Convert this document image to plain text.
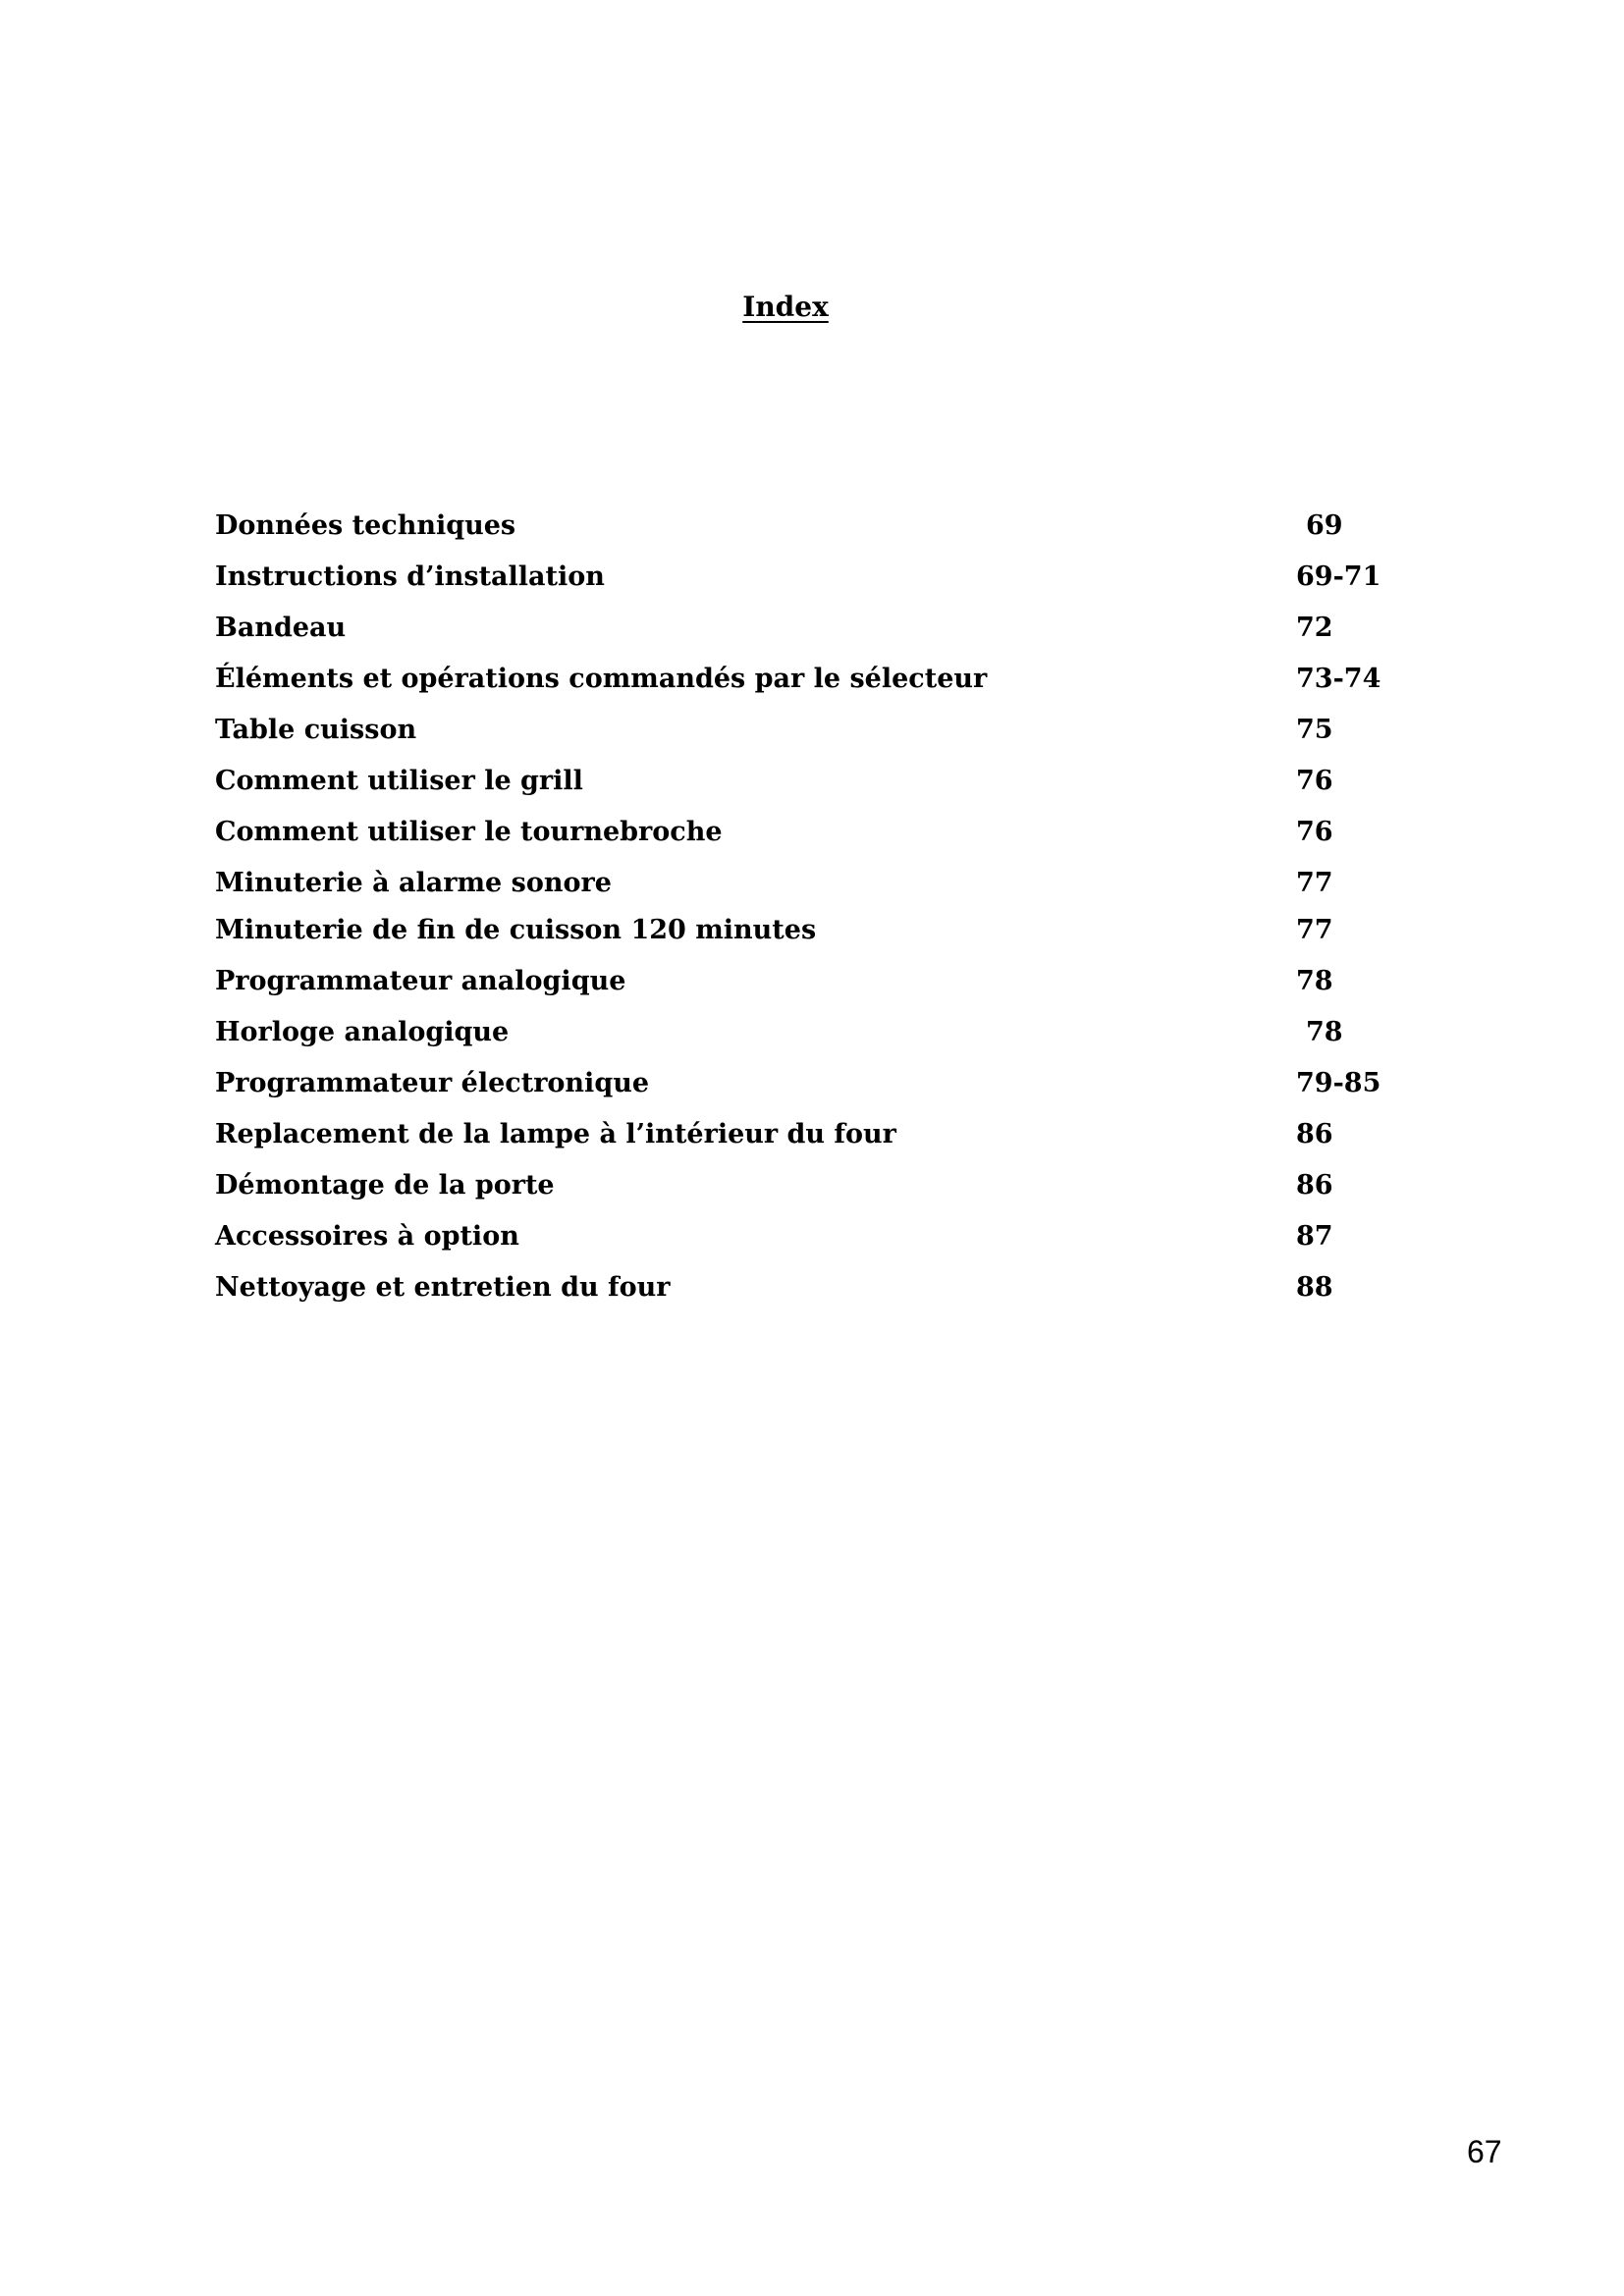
Index
Données techniques	69
Instructions d’installation	69-71
Bandeau	72
Éléments et opérations commandés par le sélecteur	73-74
Table cuisson	75
Comment utiliser le grill	76
Comment utiliser le tournebroche	76
Minuterie à alarme sonore	77
Minuterie de fin de cuisson 120 minutes	77
Programmateur analogique	78
Horloge analogique	78
Programmateur électronique	79-85
Replacement de la lampe à l’intérieur du four	86
Démontage de la porte	86
Accessoires à option	87
Nettoyage et entretien du four	88
67
